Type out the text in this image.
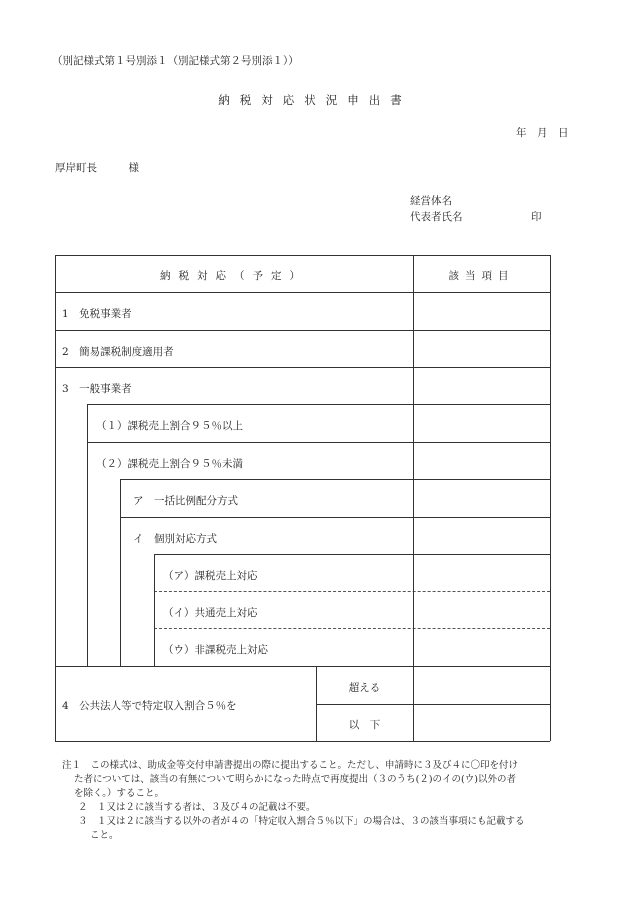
（別記様式第１号別添１（別記様式第２号別添１））
納税対応状況申出書
年　月　日
厚岸町長　　　様
経営体名
代表者氏名	印
納税対応（予定）	該当項目
1　免税事業者
2　簡易課税制度適用者
3　一般事業者
（１）課税売上割合９５％以上
（２）課税売上割合９５％未満
ア　一括比例配分方式
イ　個別対応方式
（ア）課税売上対応
（イ）共通売上対応
（ウ）非課税売上対応
4　公共法人等で特定収入割合５％を
超える
以　下
注１　この様式は、助成金等交付申請書提出の際に提出すること。ただし、申請時に３及び４に〇印を付け
た者については、該当の有無について明らかになった時点で再度提出（３のうち(２)のイの(ウ)以外の者
を除く。）すること。
２　１又は２に該当する者は、３及び４の記載は不要。
３　１又は２に該当する以外の者が４の「特定収入割合５％以下」の場合は、３の該当事項にも記載する
こと。
